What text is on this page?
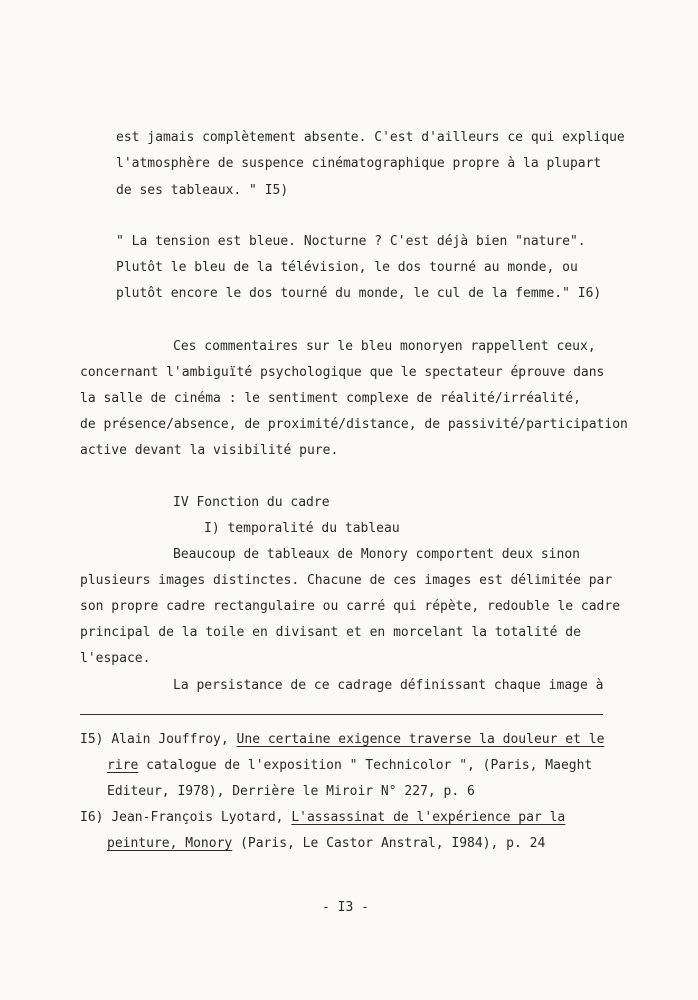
est jamais complètement absente. C'est d'ailleurs ce qui explique
l'atmosphère de suspence cinématographique propre à la plupart
de ses tableaux. " I5)
" La tension est bleue. Nocturne ? C'est déjà bien "nature".
Plutôt le bleu de la télévision, le dos tourné au monde, ou
plutôt encore le dos tourné du monde, le cul de la femme." I6)
Ces commentaires sur le bleu monoryen rappellent ceux,
concernant l'ambiguïté psychologique que le spectateur éprouve dans
la salle de cinéma : le sentiment complexe de réalité/irréalité,
de présence/absence, de proximité/distance, de passivité/participation
active devant la visibilité pure.
IV Fonction du cadre
I) temporalité du tableau
Beaucoup de tableaux de Monory comportent deux sinon
plusieurs images distinctes. Chacune de ces images est délimitée par
son propre cadre rectangulaire ou carré qui répète, redouble le cadre
principal de la toile en divisant et en morcelant la totalité de
l'espace.
La persistance de ce cadrage définissant chaque image à
I5) Alain Jouffroy, Une certaine exigence traverse la douleur et le
rire catalogue de l'exposition " Technicolor ", (Paris, Maeght
Editeur, I978), Derrière le Miroir N° 227, p. 6
I6) Jean-François Lyotard, L'assassinat de l'expérience par la
peinture, Monory (Paris, Le Castor Anstral, I984), p. 24
- I3 -
